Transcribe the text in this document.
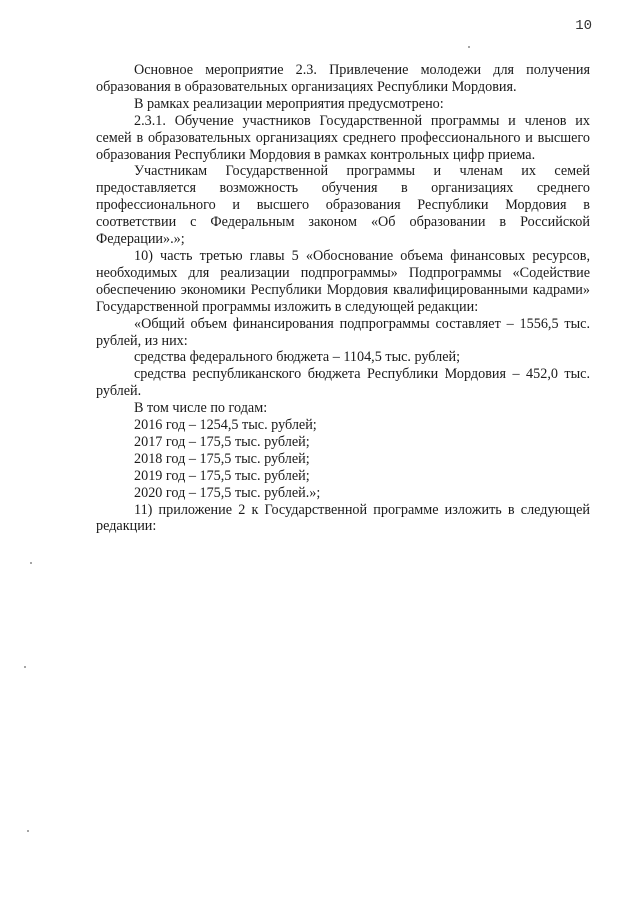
10

Основное мероприятие 2.3. Привлечение молодежи для получения образования в образовательных организациях Республики Мордовия.

В рамках реализации мероприятия предусмотрено:

2.3.1. Обучение участников Государственной программы и членов их семей в образовательных организациях среднего профессионального и высшего образования Республики Мордовия в рамках контрольных цифр приема.

Участникам Государственной программы и членам их семей предоставляется возможность обучения в организациях среднего профессионального и высшего образования Республики Мордовия в соответствии с Федеральным законом «Об образовании в Российской Федерации».»;

10) часть третью главы 5 «Обоснование объема финансовых ресурсов, необходимых для реализации подпрограммы» Подпрограммы «Содействие обеспечению экономики Республики Мордовия квалифицированными кадрами» Государственной программы изложить в следующей редакции:

«Общий объем финансирования подпрограммы составляет – 1556,5 тыс. рублей, из них:

средства федерального бюджета – 1104,5 тыс. рублей;

средства республиканского бюджета Республики Мордовия – 452,0 тыс. рублей.

В том числе по годам:

2016 год – 1254,5 тыс. рублей;

2017 год – 175,5 тыс. рублей;

2018 год – 175,5 тыс. рублей;

2019 год – 175,5 тыс. рублей;

2020 год – 175,5 тыс. рублей.»;

11) приложение 2 к Государственной программе изложить в следующей редакции:
